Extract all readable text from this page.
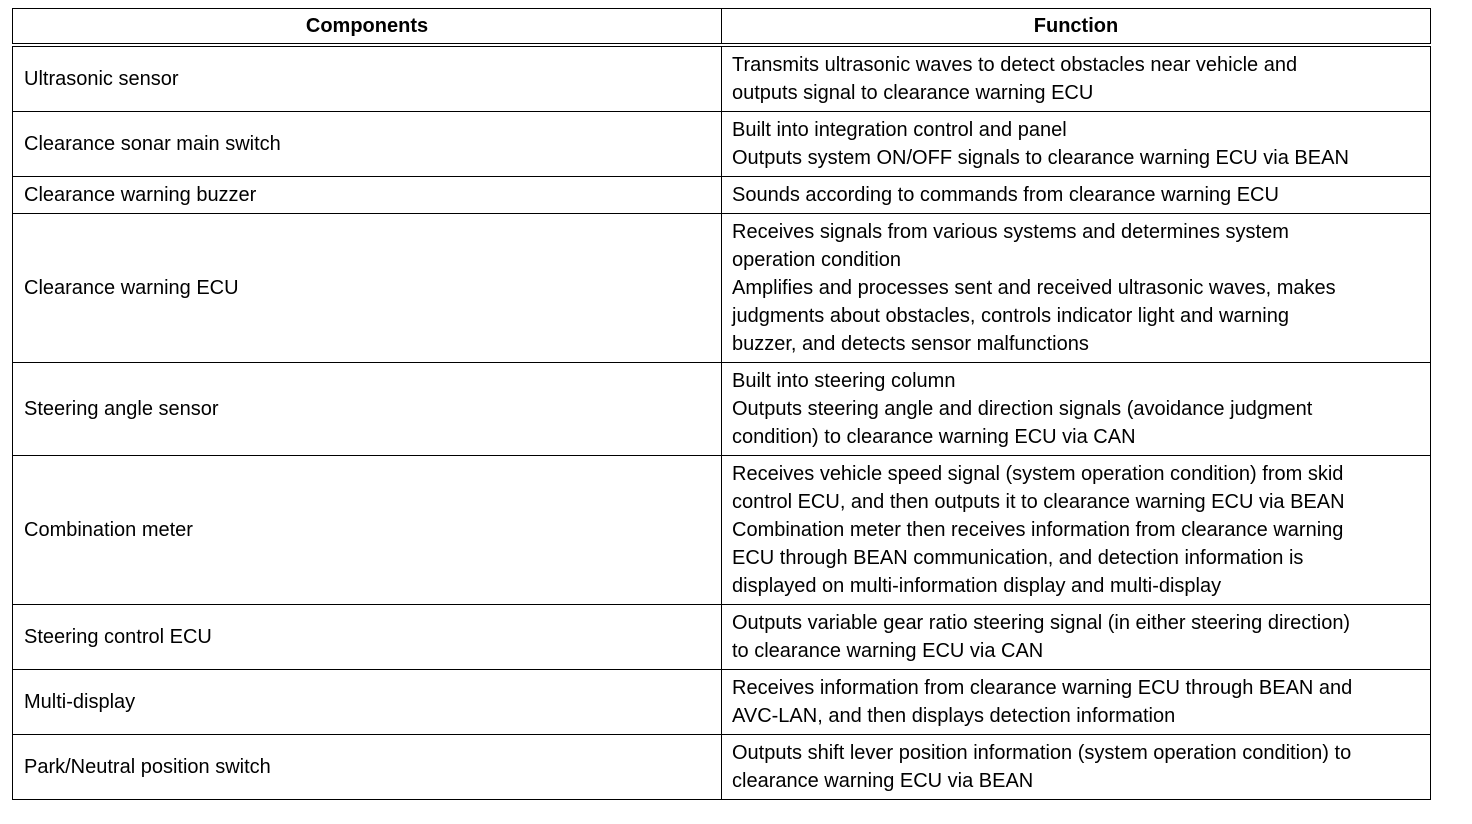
Components	Function
Ultrasonic sensor	Transmits ultrasonic waves to detect obstacles near vehicle and
outputs signal to clearance warning ECU

Clearance sonar main switch	Built into integration control and panel
Outputs system ON/OFF signals to clearance warning ECU via BEAN

Clearance warning buzzer	Sounds according to commands from clearance warning ECU

Clearance warning ECU	Receives signals from various systems and determines system
operation condition
Amplifies and processes sent and received ultrasonic waves, makes
judgments about obstacles, controls indicator light and warning
buzzer, and detects sensor malfunctions

Steering angle sensor	Built into steering column
Outputs steering angle and direction signals (avoidance judgment
condition) to clearance warning ECU via CAN

Combination meter	Receives vehicle speed signal (system operation condition) from skid
control ECU, and then outputs it to clearance warning ECU via BEAN
Combination meter then receives information from clearance warning
ECU through BEAN communication, and detection information is
displayed on multi-information display and multi-display

Steering control ECU	Outputs variable gear ratio steering signal (in either steering direction)
to clearance warning ECU via CAN

Multi-display	Receives information from clearance warning ECU through BEAN and
AVC-LAN, and then displays detection information

Park/Neutral position switch	Outputs shift lever position information (system operation condition) to
clearance warning ECU via BEAN
